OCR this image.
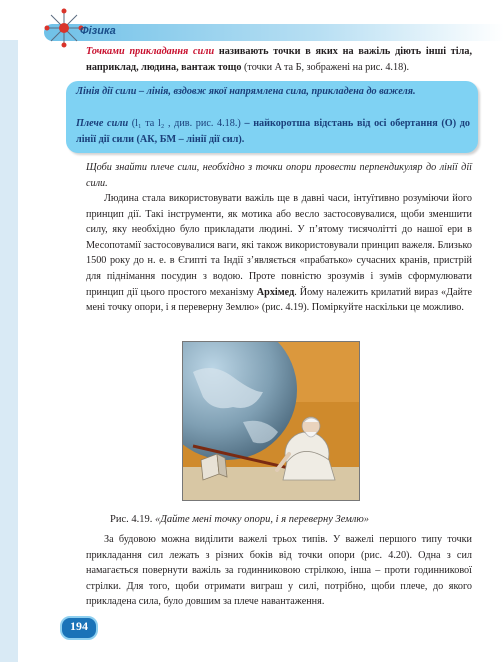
Фізика
Точками прикладання сили називають точки в яких на важіль діють інші тіла, наприклад, людина, вантаж тощо (точки A та Б, зображені на рис. 4.18).
Лінія дії сили – лінія, вздовж якої напрямлена сила, прикладена до важеля.
Плече сили (l₁ та l₂ , див. рис. 4.18.) – найкоротша відстань від осі обертання (О) до лінії дії сили (АК, БМ – лінії дії сил).
Щоби знайти плече сили, необхідно з точки опори провести перпендикуляр до лінії дії сили.
Людина стала використовувати важіль ще в давні часи, інтуїтивно розуміючи його принцип дії. Такі інструменти, як мотика або весло застосовувалися, щоби зменшити силу, яку необхідно було прикладати людині. У п’ятому тисячолітті до нашої ери в Месопотамії застосовувалися ваги, які також використовували принцип важеля. Близько 1500 року до н. е. в Єгипті та Індії з’являється «прабатько» сучасних кранів, пристрій для піднімання посудин з водою. Проте повністю зрозумів і зумів сформулювати принцип дії цього простого механізму Архімед. Йому належить крилатий вираз «Дайте мені точку опори, і я переверну Землю» (рис. 4.19). Поміркуйте наскільки це можливо.
Рис. 4.19. «Дайте мені точку опори, і я переверну Землю»
За будовою можна виділити важелі трьох типів. У важелі першого типу точки прикладання сил лежать з різних боків від точки опори (рис. 4.20). Одна з сил намагається повернути важіль за годинниковою стрілкою, інша – проти годинникової стрілки. Для того, щоби отримати виграш у силі, потрібно, щоби плече, до якого прикладена сила, було довшим за плече навантаження.
194
